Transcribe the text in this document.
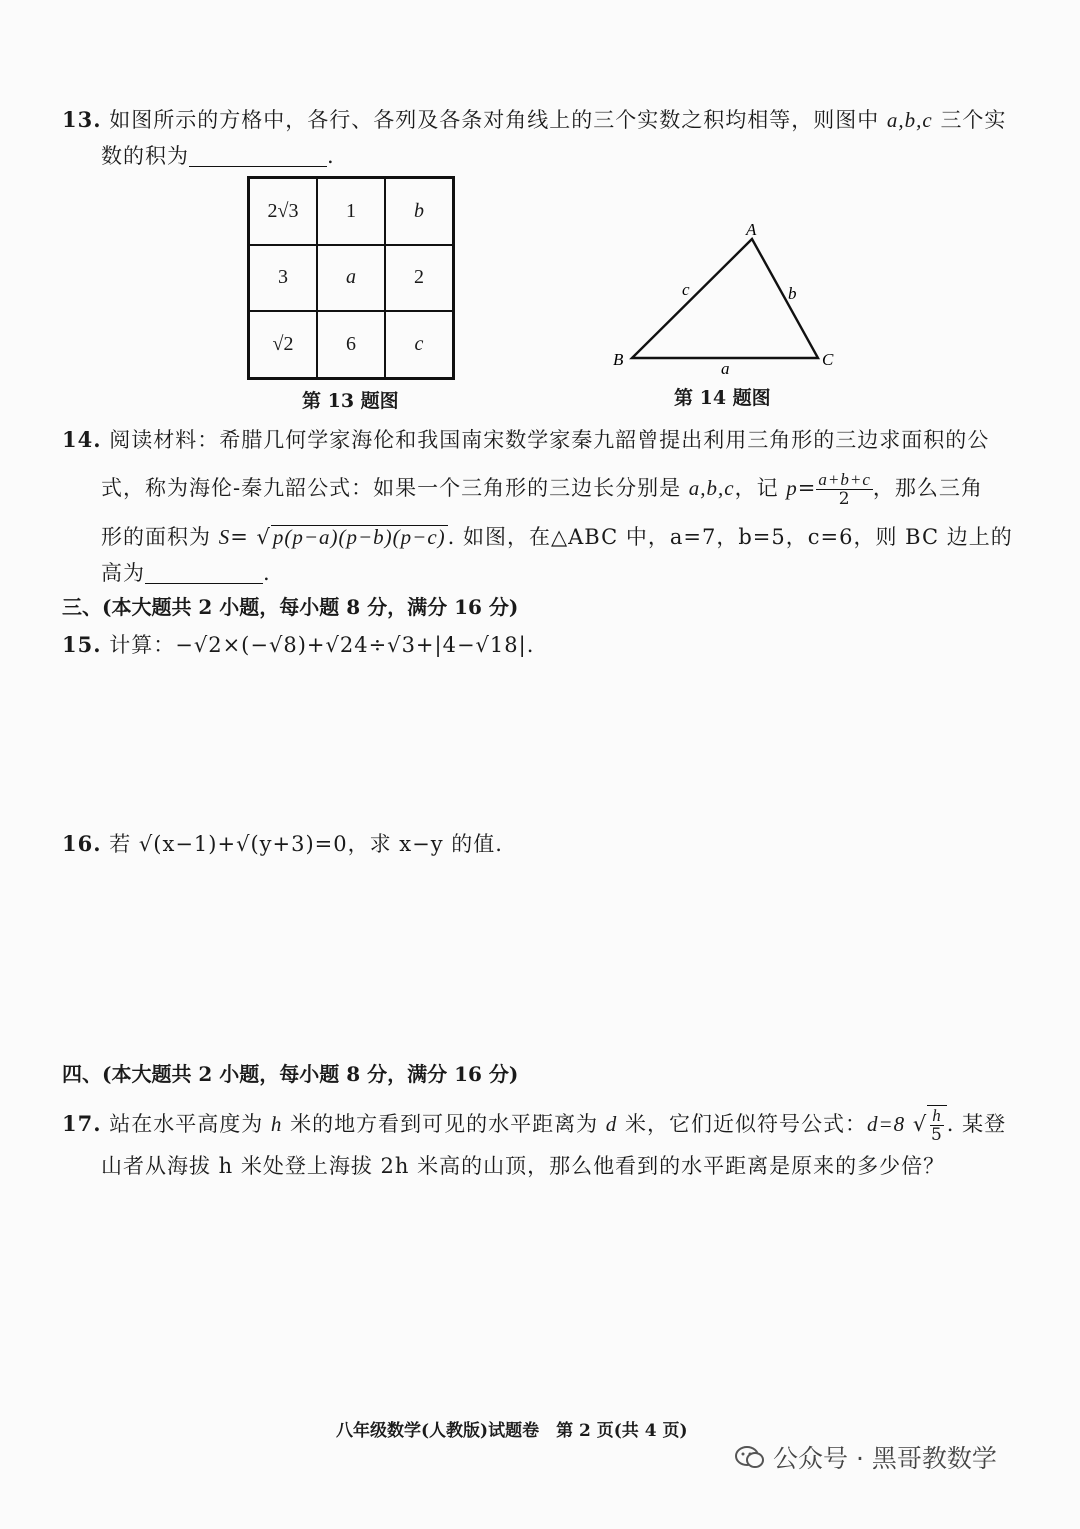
13. 如图所示的方格中，各行、各列及各条对角线上的三个实数之积均相等，则图中 a,b,c 三个实
数的积为	.
2√3	1	b
3	a	2
√2	6	c
第 13 题图
A
B	C
c	b
a
第 14 题图
14. 阅读材料：希腊几何学家海伦和我国南宋数学家秦九韶曾提出利用三角形的三边求面积的公
式，称为海伦-秦九韶公式：如果一个三角形的三边长分别是 a,b,c，记 $p= \frac{a+b+c}{2}$ ，那么三角
形的面积为 S= √p(p−a)(p−b)(p−c). 如图，在△ABC 中，a=7，b=5，c=6，则 BC 边上的
高为	.
三、(本大题共 2 小题，每小题 8 分，满分 16 分)
15. 计算：−√2×(−√8)+√24÷√3+|4−√18|.
16. 若 √(x−1)+√(y+3)=0，求 x−y 的值.
四、(本大题共 2 小题，每小题 8 分，满分 16 分)
17. 站在水平高度为 h 米的地方看到可见的水平距离为 d 米，它们近似符号公式：d=8 √ $\frac{h}{5}$ . 某登
山者从海拔 h 米处登上海拔 2h 米高的山顶，那么他看到的水平距离是原来的多少倍？
八年级数学(人教版)试题卷　第 2 页(共 4 页)
公众号 · 黑哥教数学
